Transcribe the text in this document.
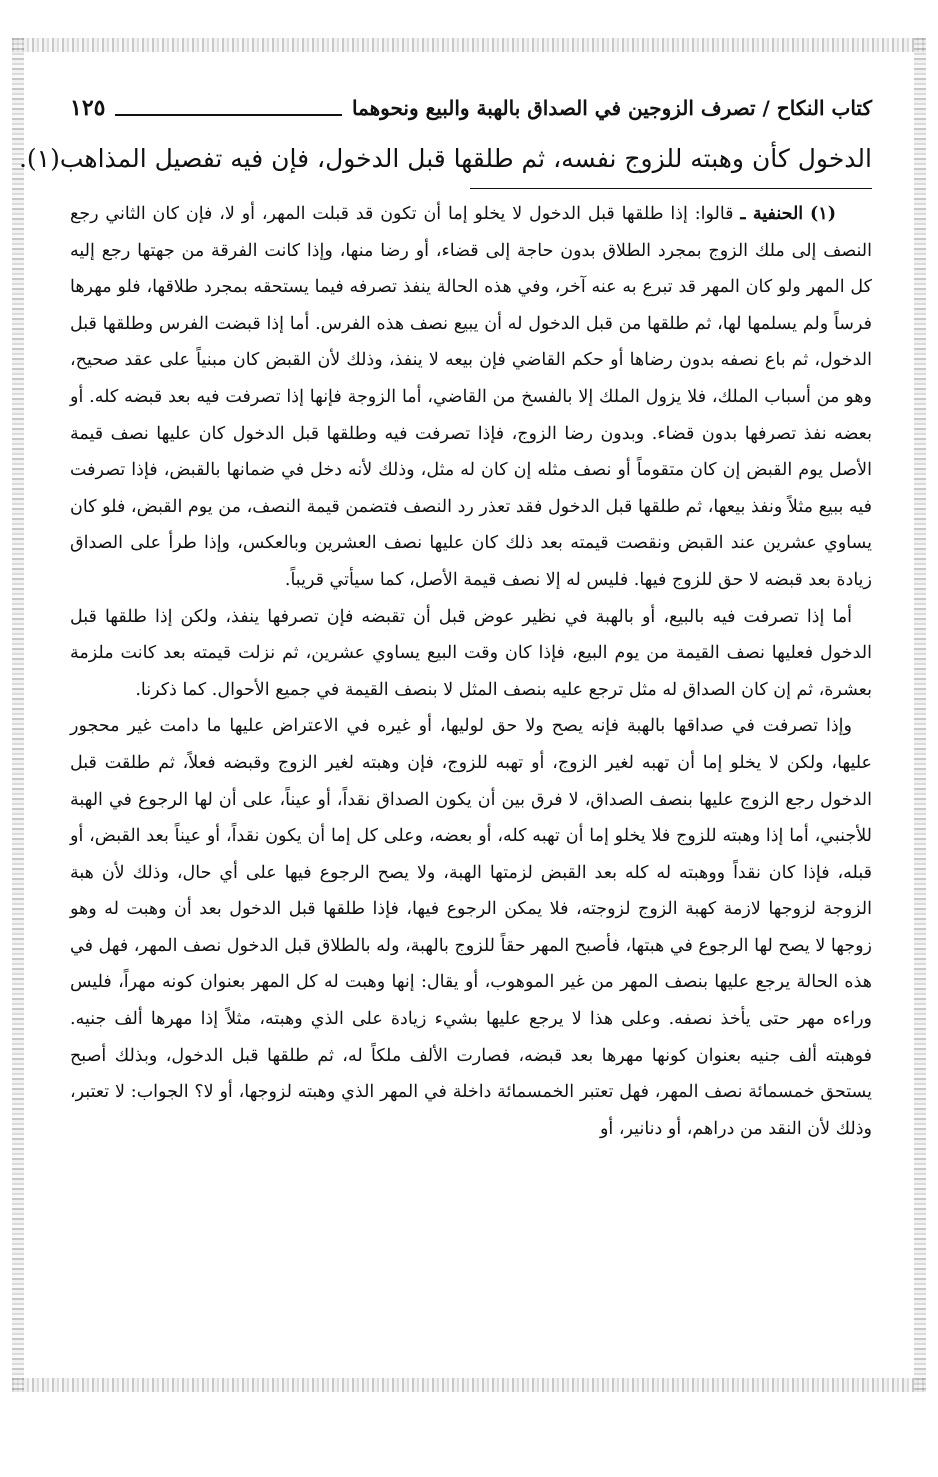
كتاب النكاح / تصرف الزوجين في الصداق بالهبة والبيع ونحوهما
١٢٥
الدخول كأن وهبته للزوج نفسه، ثم طلقها قبل الدخول، فإن فيه تفصيل المذاهب(١).

(١) الحنفية ـ قالوا: إذا طلقها قبل الدخول لا يخلو إما أن تكون قد قبلت المهر، أو لا، فإن كان الثاني رجع النصف إلى ملك الزوج بمجرد الطلاق بدون حاجة إلى قضاء، أو رضا منها، وإذا كانت الفرقة من جهتها رجع إليه كل المهر ولو كان المهر قد تبرع به عنه آخر، وفي هذه الحالة ينفذ تصرفه فيما يستحقه بمجرد طلاقها، فلو مهرها فرساً ولم يسلمها لها، ثم طلقها من قبل الدخول له أن يبيع نصف هذه الفرس. أما إذا قبضت الفرس وطلقها قبل الدخول، ثم باع نصفه بدون رضاها أو حكم القاضي فإن بيعه لا ينفذ، وذلك لأن القبض كان مبنياً على عقد صحيح، وهو من أسباب الملك، فلا يزول الملك إلا بالفسخ من القاضي، أما الزوجة فإنها إذا تصرفت فيه بعد قبضه كله. أو بعضه نفذ تصرفها بدون قضاء. وبدون رضا الزوج، فإذا تصرفت فيه وطلقها قبل الدخول كان عليها نصف قيمة الأصل يوم القبض إن كان متقوماً أو نصف مثله إن كان له مثل، وذلك لأنه دخل في ضمانها بالقبض، فإذا تصرفت فيه ببيع مثلاً ونفذ بيعها، ثم طلقها قبل الدخول فقد تعذر رد النصف فتضمن قيمة النصف، من يوم القبض، فلو كان يساوي عشرين عند القبض ونقصت قيمته بعد ذلك كان عليها نصف العشرين وبالعكس، وإذا طرأ على الصداق زيادة بعد قبضه لا حق للزوج فيها. فليس له إلا نصف قيمة الأصل، كما سيأتي قريباً.

أما إذا تصرفت فيه بالبيع، أو بالهبة في نظير عوض قبل أن تقبضه فإن تصرفها ينفذ، ولكن إذا طلقها قبل الدخول فعليها نصف القيمة من يوم البيع، فإذا كان وقت البيع يساوي عشرين، ثم نزلت قيمته بعد كانت ملزمة بعشرة، ثم إن كان الصداق له مثل ترجع عليه بنصف المثل لا بنصف القيمة في جميع الأحوال. كما ذكرنا.

وإذا تصرفت في صداقها بالهبة فإنه يصح ولا حق لوليها، أو غيره في الاعتراض عليها ما دامت غير محجور عليها، ولكن لا يخلو إما أن تهبه لغير الزوج، أو تهبه للزوج، فإن وهبته لغير الزوج وقبضه فعلاً، ثم طلقت قبل الدخول رجع الزوج عليها بنصف الصداق، لا فرق بين أن يكون الصداق نقداً، أو عيناً، على أن لها الرجوع في الهبة للأجنبي، أما إذا وهبته للزوج فلا يخلو إما أن تهبه كله، أو بعضه، وعلى كل إما أن يكون نقداً، أو عيناً بعد القبض، أو قبله، فإذا كان نقداً ووهبته له كله بعد القبض لزمتها الهبة، ولا يصح الرجوع فيها على أي حال، وذلك لأن هبة الزوجة لزوجها لازمة كهبة الزوج لزوجته، فلا يمكن الرجوع فيها، فإذا طلقها قبل الدخول بعد أن وهبت له وهو زوجها لا يصح لها الرجوع في هبتها، فأصبح المهر حقاً للزوج بالهبة، وله بالطلاق قبل الدخول نصف المهر، فهل في هذه الحالة يرجع عليها بنصف المهر من غير الموهوب، أو يقال: إنها وهبت له كل المهر بعنوان كونه مهراً، فليس وراءه مهر حتى يأخذ نصفه. وعلى هذا لا يرجع عليها بشيء زيادة على الذي وهبته، مثلاً إذا مهرها ألف جنيه. فوهبته ألف جنيه بعنوان كونها مهرها بعد قبضه، فصارت الألف ملكاً له، ثم طلقها قبل الدخول، وبذلك أصبح يستحق خمسمائة نصف المهر، فهل تعتبر الخمسمائة داخلة في المهر الذي وهبته لزوجها، أو لا؟ الجواب: لا تعتبر، وذلك لأن النقد من دراهم، أو دنانير، أو
